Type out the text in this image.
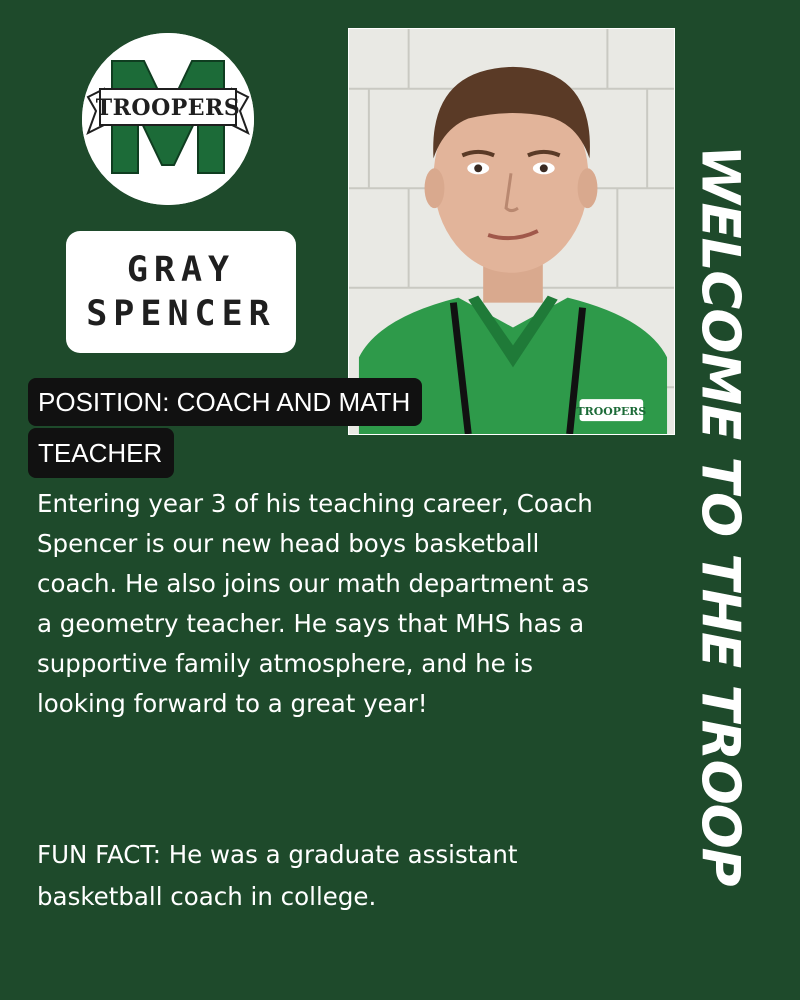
TROOPERS
GRAY
SPENCER
TROOPERS
POSITION: COACH AND MATH
TEACHER

Entering year 3 of his teaching career, Coach
Spencer is our new head boys basketball
coach. He also joins our math department as
a geometry teacher. He says that MHS has a
supportive family atmosphere, and he is
looking forward to a great year!

FUN FACT: He was a graduate assistant
basketball coach in college.

WELCOME TO THE TROOP
